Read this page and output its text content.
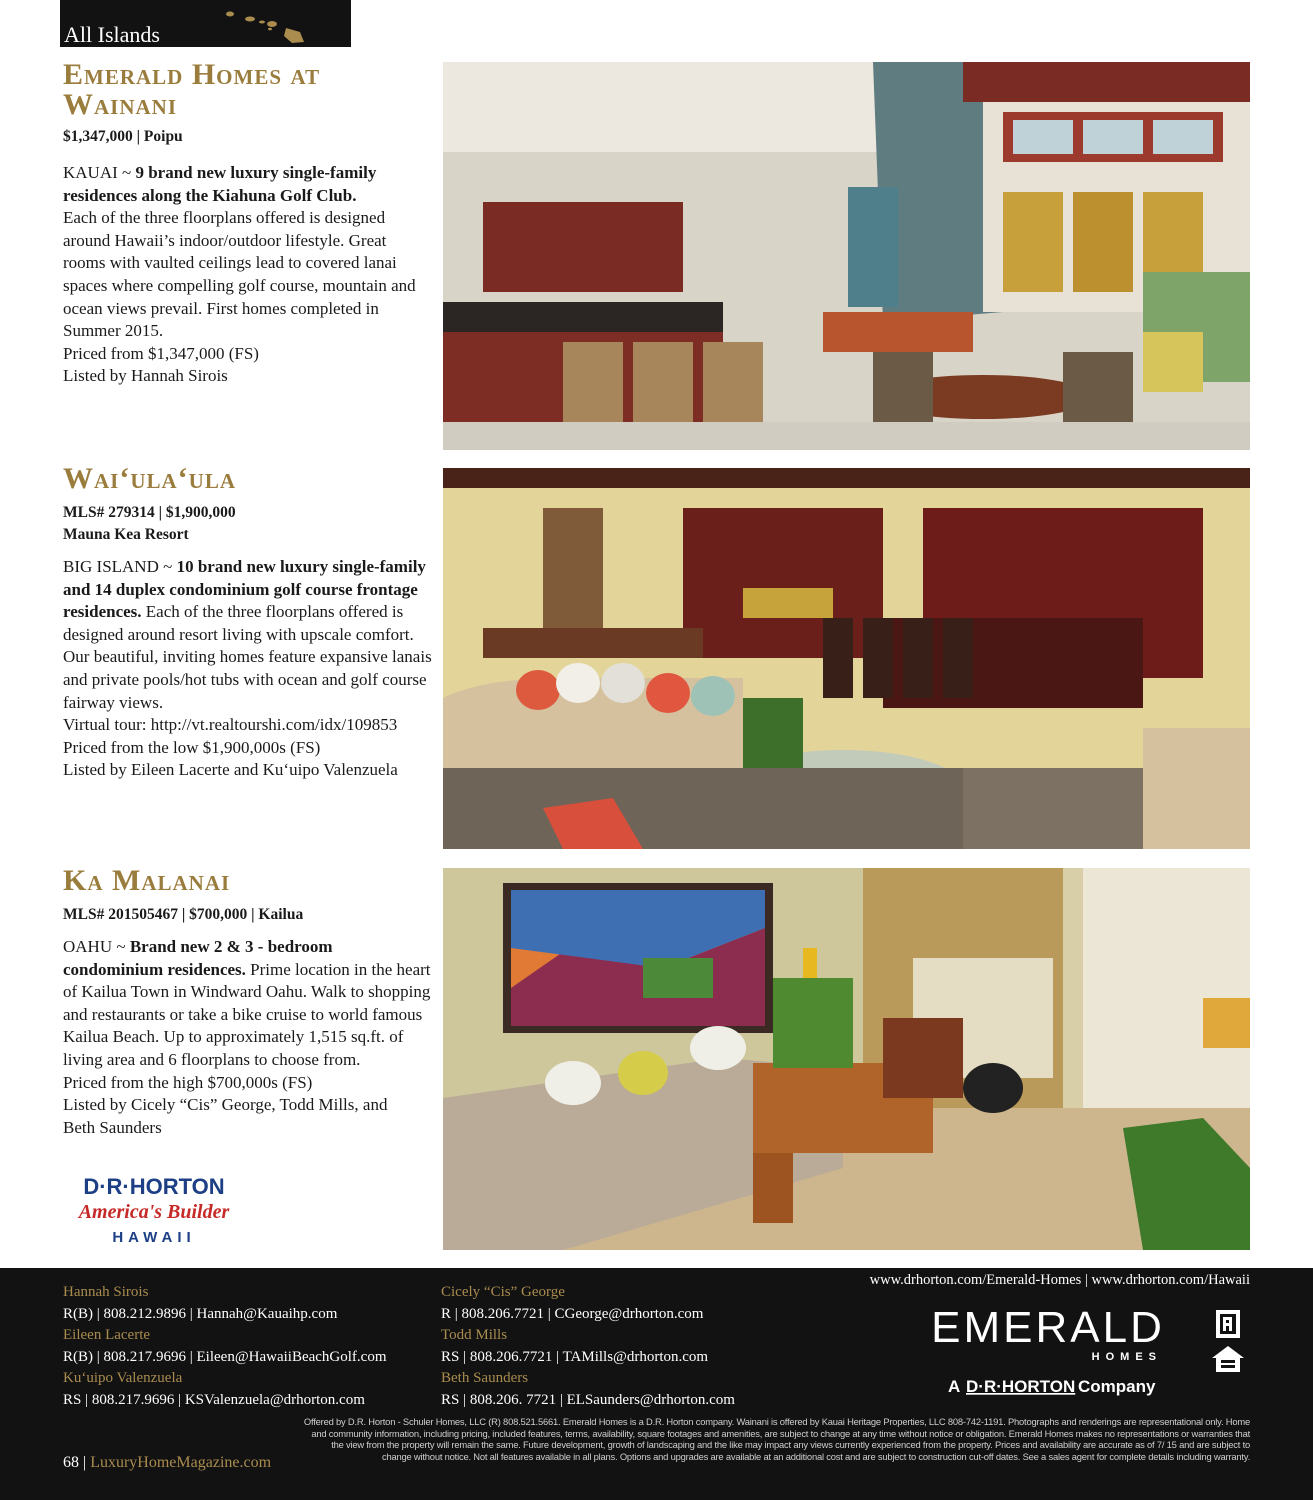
All Islands
Emerald Homes at Wainani
$1,347,000 | Poipu
KAUAI ~ 9 brand new luxury single-family residences along the Kiahuna Golf Club.
Each of the three floorplans offered is designed around Hawaii’s indoor/outdoor lifestyle. Great rooms with vaulted ceilings lead to covered lanai spaces where compelling golf course, mountain and ocean views prevail. First homes completed in Summer 2015.
Priced from $1,347,000 (FS)
Listed by Hannah Sirois
Wai‘ula‘ula
MLS# 279314 | $1,900,000
Mauna Kea Resort
BIG ISLAND ~ 10 brand new luxury single-family and 14 duplex condominium golf course frontage residences. Each of the three floorplans offered is designed around resort living with upscale comfort. Our beautiful, inviting homes feature expansive lanais and private pools/hot tubs with ocean and golf course fairway views.
Virtual tour: http://vt.realtourshi.com/idx/109853
Priced from the low $1,900,000s (FS)
Listed by Eileen Lacerte and Ku‘uipo Valenzuela
Ka Malanai
MLS# 201505467 | $700,000 | Kailua
OAHU ~ Brand new 2 & 3 - bedroom condominium residences. Prime location in the heart of Kailua Town in Windward Oahu. Walk to shopping and restaurants or take a bike cruise to world famous Kailua Beach. Up to approximately 1,515 sq.ft. of living area and 6 floorplans to choose from.
Priced from the high $700,000s (FS)
Listed by Cicely “Cis” George, Todd Mills, and Beth Saunders
D·R·HORTON
America's Builder
HAWAII
Hannah Sirois
R(B) | 808.212.9896 | Hannah@Kauaihp.com
Eileen Lacerte
R(B) | 808.217.9696 | Eileen@HawaiiBeachGolf.com
Ku‘uipo Valenzuela
RS | 808.217.9696 | KSValenzuela@drhorton.com
Cicely “Cis” George
R | 808.206.7721 | CGeorge@drhorton.com
Todd Mills
RS | 808.206.7721 | TAMills@drhorton.com
Beth Saunders
RS | 808.206. 7721 | ELSaunders@drhorton.com
www.drhorton.com/Emerald-Homes | www.drhorton.com/Hawaii
EMERALD
HOMES
A D·R·HORTON Company
Offered by D.R. Horton - Schuler Homes, LLC (R) 808.521.5661. Emerald Homes is a D.R. Horton company. Wainani is offered by Kauai Heritage Properties, LLC 808-742-1191. Photographs and renderings are representational only. Home and community information, including pricing, included features, terms, availability, square footages and amenities, are subject to change at any time without notice or obligation. Emerald Homes makes no representations or warranties that the view from the property will remain the same. Future development, growth of landscaping and the like may impact any views currently experienced from the property. Prices and availability are accurate as of 7/ 15 and are subject to change without notice. Not all features available in all plans. Options and upgrades are available at an additional cost and are subject to construction cut-off dates. See a sales agent for complete details including warranty.
68 | LuxuryHomeMagazine.com
